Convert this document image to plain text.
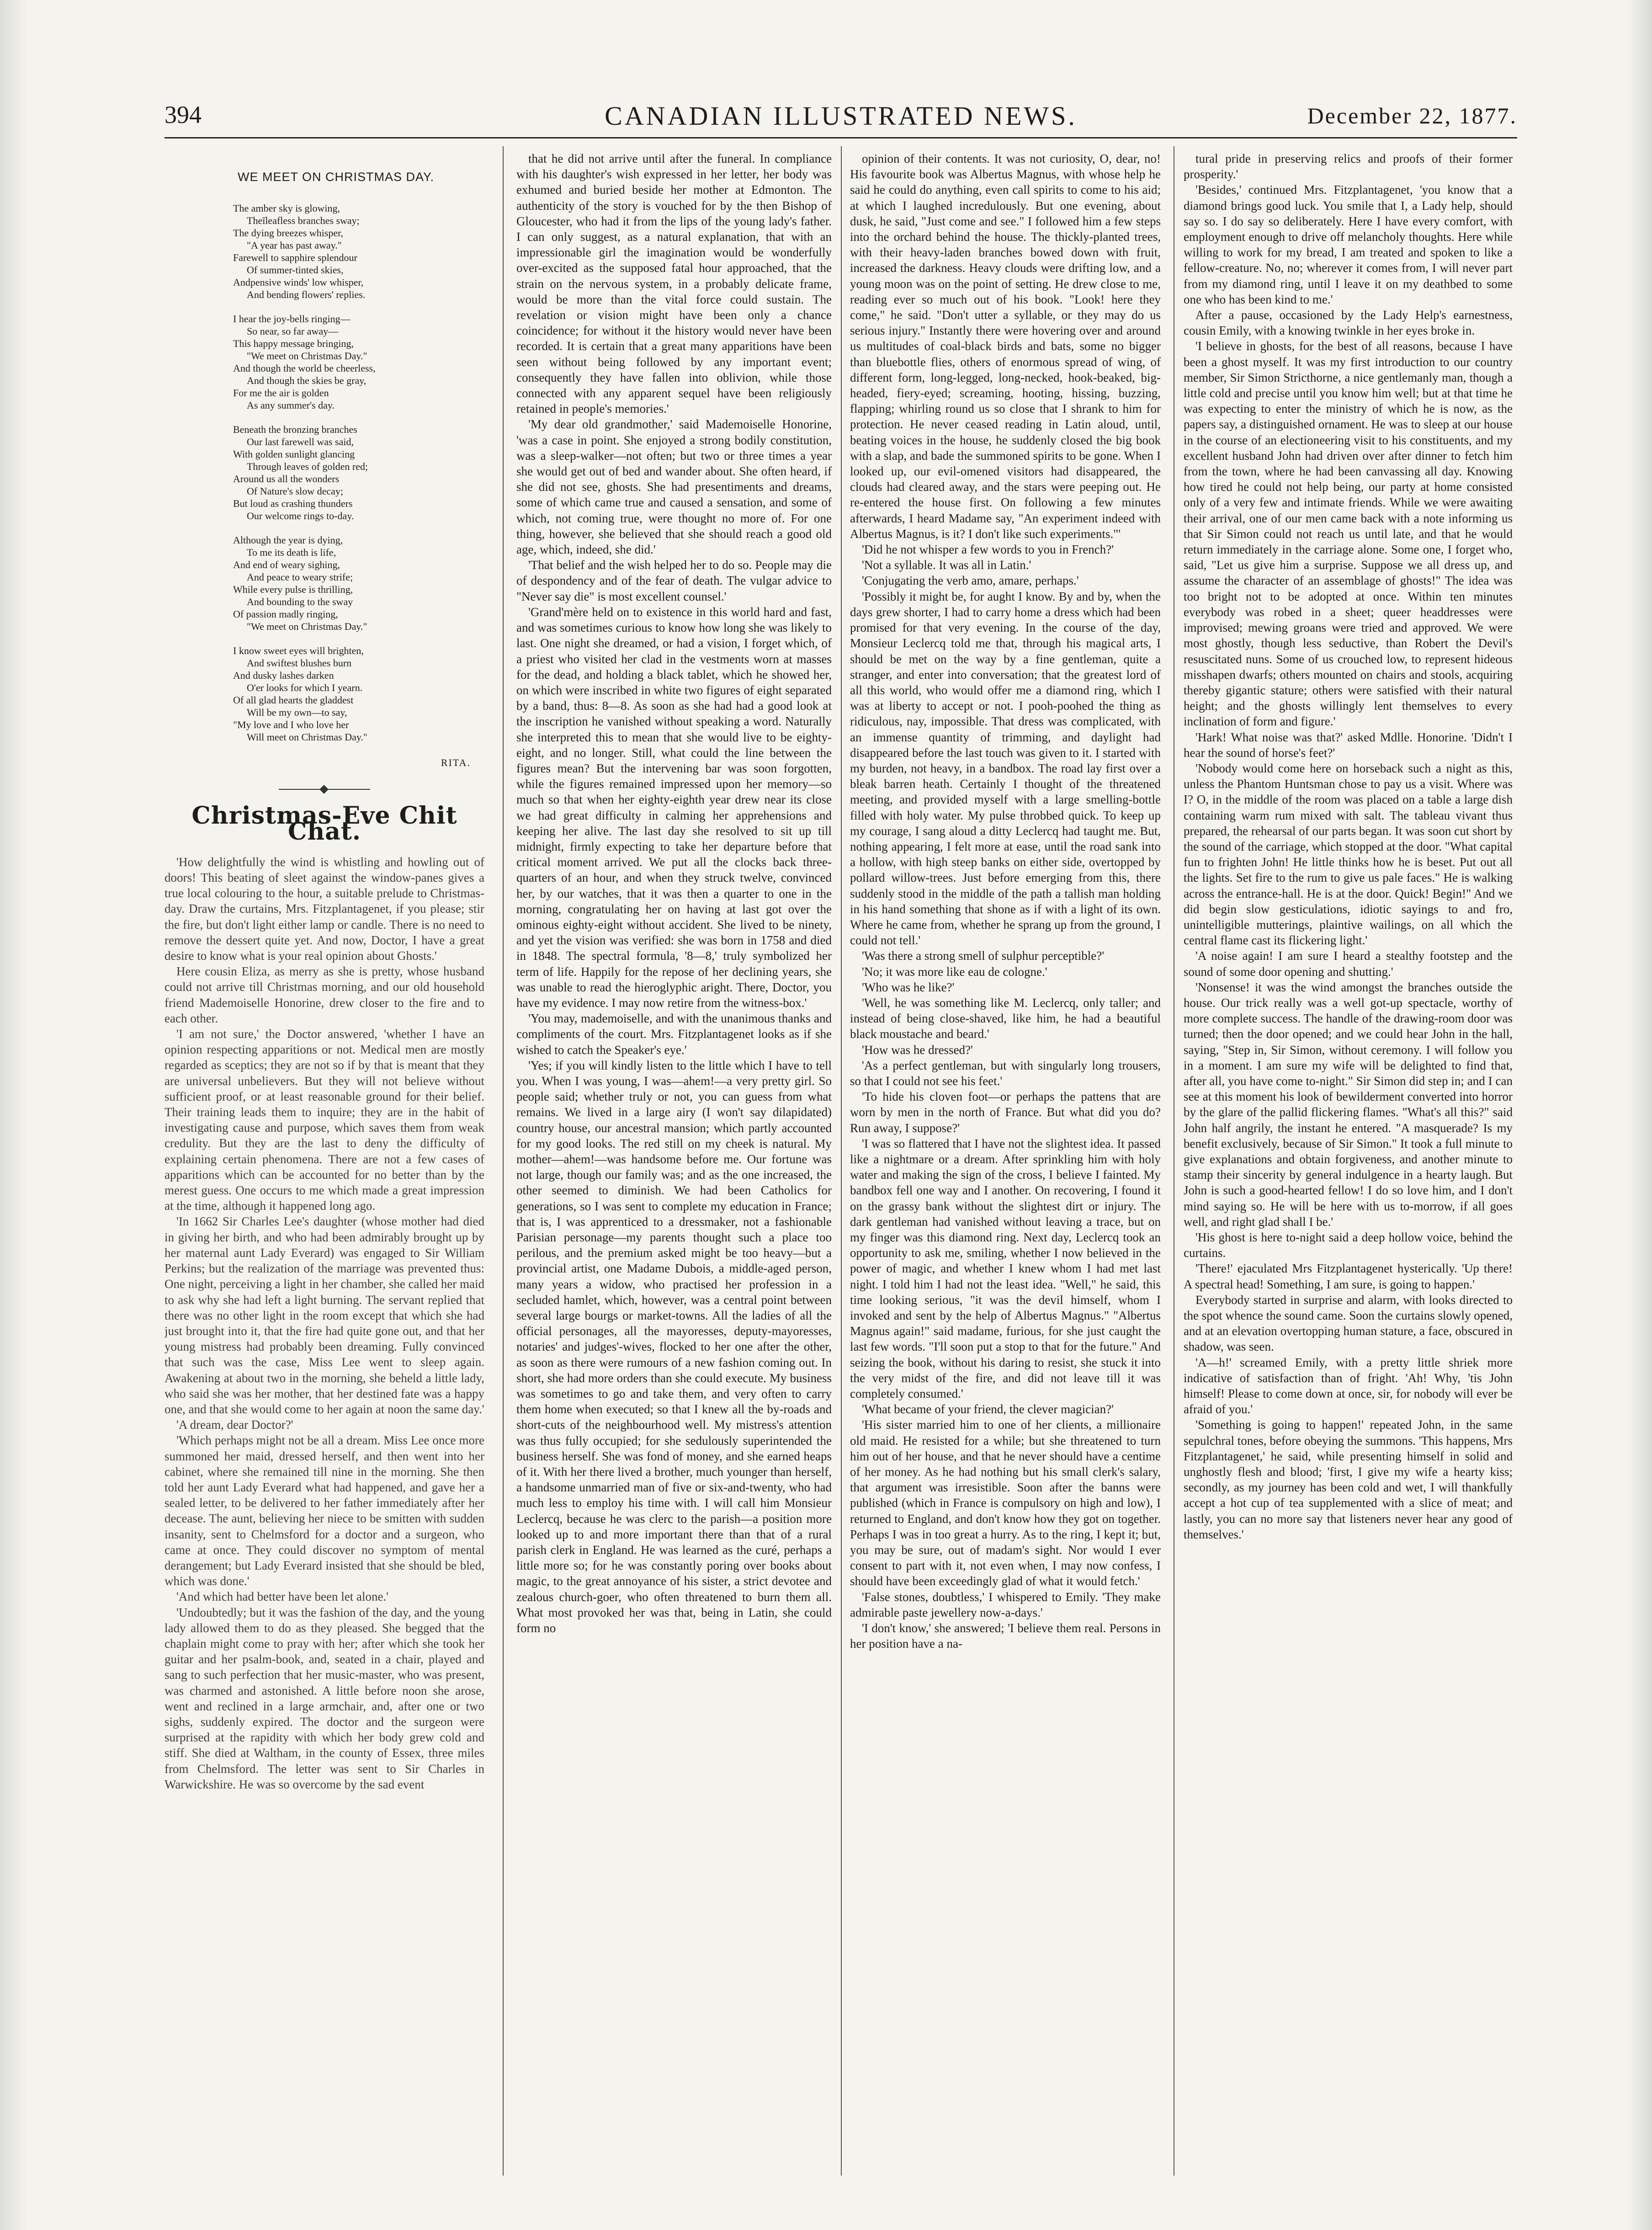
394	CANADIAN ILLUSTRATED NEWS.	December 22, 1877.
WE MEET ON CHRISTMAS DAY.
The amber sky is glowing,
Theĭleafless branches sway;
The dying breezes whisper,
"A year has past away."
Farewell to sapphire splendour
Of summer-tinted skies,
Andpensive winds' low whisper,
And bending flowers' replies.
I hear the joy-bells ringing—
So near, so far away—
This happy message bringing,
"We meet on Christmas Day."
And though the world be cheerless,
And though the skies be gray,
For me the air is golden
As any summer's day.
Beneath the bronzing branches
Our last farewell was said,
With golden sunlight glancing
Through leaves of golden red;
Around us all the wonders
Of Nature's slow decay;
But loud as crashing thunders
Our welcome rings to-day.
Although the year is dying,
To me its death is life,
And end of weary sighing,
And peace to weary strife;
While every pulse is thrilling,
And bounding to the sway
Of passion madly ringing,
"We meet on Christmas Day."
I know sweet eyes will brighten,
And swiftest blushes burn
And dusky lashes darken
O'er looks for which I yearn.
Of all glad hearts the gladdest
Will be my own—to say,
"My love and I who love her
Will meet on Christmas Day."
RITA.
Christmas-Eve Chit Chat.

'How delightfully the wind is whistling and howling out of doors! This beating of sleet against the window-panes gives a true local colouring to the hour, a suitable prelude to Christmas-day. Draw the curtains, Mrs. Fitzplantagenet, if you please; stir the fire, but don't light either lamp or candle. There is no need to remove the dessert quite yet. And now, Doctor, I have a great desire to know what is your real opinion about Ghosts.'

Here cousin Eliza, as merry as she is pretty, whose husband could not arrive till Christmas morning, and our old household friend Mademoiselle Honorine, drew closer to the fire and to each other.

'I am not sure,' the Doctor answered, 'whether I have an opinion respecting apparitions or not. Medical men are mostly regarded as sceptics; they are not so if by that is meant that they are universal unbelievers. But they will not believe without sufficient proof, or at least reasonable ground for their belief. Their training leads them to inquire; they are in the habit of investigating cause and purpose, which saves them from weak credulity. But they are the last to deny the difficulty of explaining certain phenomena. There are not a few cases of apparitions which can be accounted for no better than by the merest guess. One occurs to me which made a great impression at the time, although it happened long ago.

'In 1662 Sir Charles Lee's daughter (whose mother had died in giving her birth, and who had been admirably brought up by her maternal aunt Lady Everard) was engaged to Sir William Perkins; but the realization of the marriage was prevented thus: One night, perceiving a light in her chamber, she called her maid to ask why she had left a light burning. The servant replied that there was no other light in the room except that which she had just brought into it, that the fire had quite gone out, and that her young mistress had probably been dreaming. Fully convinced that such was the case, Miss Lee went to sleep again. Awakening at about two in the morning, she beheld a little lady, who said she was her mother, that her destined fate was a happy one, and that she would come to her again at noon the same day.'

'A dream, dear Doctor?'

'Which perhaps might not be all a dream. Miss Lee once more summoned her maid, dressed herself, and then went into her cabinet, where she remained till nine in the morning. She then told her aunt Lady Everard what had happened, and gave her a sealed letter, to be delivered to her father immediately after her decease. The aunt, believing her niece to be smitten with sudden insanity, sent to Chelmsford for a doctor and a surgeon, who came at once. They could discover no symptom of mental derangement; but Lady Everard insisted that she should be bled, which was done.'

'And which had better have been let alone.'

'Undoubtedly; but it was the fashion of the day, and the young lady allowed them to do as they pleased. She begged that the chaplain might come to pray with her; after which she took her guitar and her psalm-book, and, seated in a chair, played and sang to such perfection that her music-master, who was present, was charmed and astonished. A little before noon she arose, went and reclined in a large armchair, and, after one or two sighs, suddenly expired. The doctor and the surgeon were surprised at the rapidity with which her body grew cold and stiff. She died at Waltham, in the county of Essex, three miles from Chelmsford. The letter was sent to Sir Charles in Warwickshire. He was so overcome by the sad event

that he did not arrive until after the funeral. In compliance with his daughter's wish expressed in her letter, her body was exhumed and buried beside her mother at Edmonton. The authenticity of the story is vouched for by the then Bishop of Gloucester, who had it from the lips of the young lady's father. I can only suggest, as a natural explanation, that with an impressionable girl the imagination would be wonderfully over-excited as the supposed fatal hour approached, that the strain on the nervous system, in a probably delicate frame, would be more than the vital force could sustain. The revelation or vision might have been only a chance coincidence; for without it the history would never have been recorded. It is certain that a great many apparitions have been seen without being followed by any important event; consequently they have fallen into oblivion, while those connected with any apparent sequel have been religiously retained in people's memories.'

'My dear old grandmother,' said Mademoiselle Honorine, 'was a case in point. She enjoyed a strong bodily constitution, was a sleep-walker—not often; but two or three times a year she would get out of bed and wander about. She often heard, if she did not see, ghosts. She had presentiments and dreams, some of which came true and caused a sensation, and some of which, not coming true, were thought no more of. For one thing, however, she believed that she should reach a good old age, which, indeed, she did.'

'That belief and the wish helped her to do so. People may die of despondency and of the fear of death. The vulgar advice to "Never say die" is most excellent counsel.'

'Grand'mère held on to existence in this world hard and fast, and was sometimes curious to know how long she was likely to last. One night she dreamed, or had a vision, I forget which, of a priest who visited her clad in the vestments worn at masses for the dead, and holding a black tablet, which he showed her, on which were inscribed in white two figures of eight separated by a band, thus: 8—8. As soon as she had had a good look at the inscription he vanished without speaking a word. Naturally she interpreted this to mean that she would live to be eighty-eight, and no longer. Still, what could the line between the figures mean? But the intervening bar was soon forgotten, while the figures remained impressed upon her memory—so much so that when her eighty-eighth year drew near its close we had great difficulty in calming her apprehensions and keeping her alive. The last day she resolved to sit up till midnight, firmly expecting to take her departure before that critical moment arrived. We put all the clocks back three-quarters of an hour, and when they struck twelve, convinced her, by our watches, that it was then a quarter to one in the morning, congratulating her on having at last got over the ominous eighty-eight without accident. She lived to be ninety, and yet the vision was verified: she was born in 1758 and died in 1848. The spectral formula, '8—8,' truly symbolized her term of life. Happily for the repose of her declining years, she was unable to read the hieroglyphic aright. There, Doctor, you have my evidence. I may now retire from the witness-box.'

'You may, mademoiselle, and with the unanimous thanks and compliments of the court. Mrs. Fitzplantagenet looks as if she wished to catch the Speaker's eye.'

'Yes; if you will kindly listen to the little which I have to tell you. When I was young, I was—ahem!—a very pretty girl. So people said; whether truly or not, you can guess from what remains. We lived in a large airy (I won't say dilapidated) country house, our ancestral mansion; which partly accounted for my good looks. The red still on my cheek is natural. My mother—ahem!—was handsome before me. Our fortune was not large, though our family was; and as the one increased, the other seemed to diminish. We had been Catholics for generations, so I was sent to complete my education in France; that is, I was apprenticed to a dressmaker, not a fashionable Parisian personage—my parents thought such a place too perilous, and the premium asked might be too heavy—but a provincial artist, one Madame Dubois, a middle-aged person, many years a widow, who practised her profession in a secluded hamlet, which, however, was a central point between several large bourgs or market-towns. All the ladies of all the official personages, all the mayoresses, deputy-mayoresses, notaries' and judges'-wives, flocked to her one after the other, as soon as there were rumours of a new fashion coming out. In short, she had more orders than she could execute. My business was sometimes to go and take them, and very often to carry them home when executed; so that I knew all the by-roads and short-cuts of the neighbourhood well. My mistress's attention was thus fully occupied; for she sedulously superintended the business herself. She was fond of money, and she earned heaps of it. With her there lived a brother, much younger than herself, a handsome unmarried man of five or six-and-twenty, who had much less to employ his time with. I will call him Monsieur Leclercq, because he was clerc to the parish—a position more looked up to and more important there than that of a rural parish clerk in England. He was learned as the curé, perhaps a little more so; for he was constantly poring over books about magic, to the great annoyance of his sister, a strict devotee and zealous church-goer, who often threatened to burn them all. What most provoked her was that, being in Latin, she could form no

opinion of their contents. It was not curiosity, O, dear, no! His favourite book was Albertus Magnus, with whose help he said he could do anything, even call spirits to come to his aid; at which I laughed incredulously. But one evening, about dusk, he said, "Just come and see." I followed him a few steps into the orchard behind the house. The thickly-planted trees, with their heavy-laden branches bowed down with fruit, increased the darkness. Heavy clouds were drifting low, and a young moon was on the point of setting. He drew close to me, reading ever so much out of his book. "Look! here they come," he said. "Don't utter a syllable, or they may do us serious injury." Instantly there were hovering over and around us multitudes of coal-black birds and bats, some no bigger than bluebottle flies, others of enormous spread of wing, of different form, long-legged, long-necked, hook-beaked, big-headed, fiery-eyed; screaming, hooting, hissing, buzzing, flapping; whirling round us so close that I shrank to him for protection. He never ceased reading in Latin aloud, until, beating voices in the house, he suddenly closed the big book with a slap, and bade the summoned spirits to be gone. When I looked up, our evil-omened visitors had disappeared, the clouds had cleared away, and the stars were peeping out. He re-entered the house first. On following a few minutes afterwards, I heard Madame say, "An experiment indeed with Albertus Magnus, is it? I don't like such experiments."'

'Did he not whisper a few words to you in French?'

'Not a syllable. It was all in Latin.'

'Conjugating the verb amo, amare, perhaps.'

'Possibly it might be, for aught I know. By and by, when the days grew shorter, I had to carry home a dress which had been promised for that very evening. In the course of the day, Monsieur Leclercq told me that, through his magical arts, I should be met on the way by a fine gentleman, quite a stranger, and enter into conversation; that the greatest lord of all this world, who would offer me a diamond ring, which I was at liberty to accept or not. I pooh-poohed the thing as ridiculous, nay, impossible. That dress was complicated, with an immense quantity of trimming, and daylight had disappeared before the last touch was given to it. I started with my burden, not heavy, in a bandbox. The road lay first over a bleak barren heath. Certainly I thought of the threatened meeting, and provided myself with a large smelling-bottle filled with holy water. My pulse throbbed quick. To keep up my courage, I sang aloud a ditty Leclercq had taught me. But, nothing appearing, I felt more at ease, until the road sank into a hollow, with high steep banks on either side, overtopped by pollard willow-trees. Just before emerging from this, there suddenly stood in the middle of the path a tallish man holding in his hand something that shone as if with a light of its own. Where he came from, whether he sprang up from the ground, I could not tell.'

'Was there a strong smell of sulphur perceptible?'

'No; it was more like eau de cologne.'

'Who was he like?'

'Well, he was something like M. Leclercq, only taller; and instead of being close-shaved, like him, he had a beautiful black moustache and beard.'

'How was he dressed?'

'As a perfect gentleman, but with singularly long trousers, so that I could not see his feet.'

'To hide his cloven foot—or perhaps the pattens that are worn by men in the north of France. But what did you do? Run away, I suppose?'

'I was so flattered that I have not the slightest idea. It passed like a nightmare or a dream. After sprinkling him with holy water and making the sign of the cross, I believe I fainted. My bandbox fell one way and I another. On recovering, I found it on the grassy bank without the slightest dirt or injury. The dark gentleman had vanished without leaving a trace, but on my finger was this diamond ring. Next day, Leclercq took an opportunity to ask me, smiling, whether I now believed in the power of magic, and whether I knew whom I had met last night. I told him I had not the least idea. "Well," he said, this time looking serious, "it was the devil himself, whom I invoked and sent by the help of Albertus Magnus." "Albertus Magnus again!" said madame, furious, for she just caught the last few words. "I'll soon put a stop to that for the future." And seizing the book, without his daring to resist, she stuck it into the very midst of the fire, and did not leave till it was completely consumed.'

'What became of your friend, the clever magician?'

'His sister married him to one of her clients, a millionaire old maid. He resisted for a while; but she threatened to turn him out of her house, and that he never should have a centime of her money. As he had nothing but his small clerk's salary, that argument was irresistible. Soon after the banns were published (which in France is compulsory on high and low), I returned to England, and don't know how they got on together. Perhaps I was in too great a hurry. As to the ring, I kept it; but, you may be sure, out of madam's sight. Nor would I ever consent to part with it, not even when, I may now confess, I should have been exceedingly glad of what it would fetch.'

'False stones, doubtless,' I whispered to Emily. 'They make admirable paste jewellery now-a-days.'

'I don't know,' she answered; 'I believe them real. Persons in her position have a na-

tural pride in preserving relics and proofs of their former prosperity.'

'Besides,' continued Mrs. Fitzplantagenet, 'you know that a diamond brings good luck. You smile that I, a Lady help, should say so. I do say so deliberately. Here I have every comfort, with employment enough to drive off melancholy thoughts. Here while willing to work for my bread, I am treated and spoken to like a fellow-creature. No, no; wherever it comes from, I will never part from my diamond ring, until I leave it on my deathbed to some one who has been kind to me.'

After a pause, occasioned by the Lady Help's earnestness, cousin Emily, with a knowing twinkle in her eyes broke in.

'I believe in ghosts, for the best of all reasons, because I have been a ghost myself. It was my first introduction to our country member, Sir Simon Stricthorne, a nice gentlemanly man, though a little cold and precise until you know him well; but at that time he was expecting to enter the ministry of which he is now, as the papers say, a distinguished ornament. He was to sleep at our house in the course of an electioneering visit to his constituents, and my excellent husband John had driven over after dinner to fetch him from the town, where he had been canvassing all day. Knowing how tired he could not help being, our party at home consisted only of a very few and intimate friends. While we were awaiting their arrival, one of our men came back with a note informing us that Sir Simon could not reach us until late, and that he would return immediately in the carriage alone. Some one, I forget who, said, "Let us give him a surprise. Suppose we all dress up, and assume the character of an assemblage of ghosts!" The idea was too bright not to be adopted at once. Within ten minutes everybody was robed in a sheet; queer headdresses were improvised; mewing groans were tried and approved. We were most ghostly, though less seductive, than Robert the Devil's resuscitated nuns. Some of us crouched low, to represent hideous misshapen dwarfs; others mounted on chairs and stools, acquiring thereby gigantic stature; others were satisfied with their natural height; and the ghosts willingly lent themselves to every inclination of form and figure.'

'Hark! What noise was that?' asked Mdlle. Honorine. 'Didn't I hear the sound of horse's feet?'

'Nobody would come here on horseback such a night as this, unless the Phantom Huntsman chose to pay us a visit. Where was I? O, in the middle of the room was placed on a table a large dish containing warm rum mixed with salt. The tableau vivant thus prepared, the rehearsal of our parts began. It was soon cut short by the sound of the carriage, which stopped at the door. "What capital fun to frighten John! He little thinks how he is beset. Put out all the lights. Set fire to the rum to give us pale faces." He is walking across the entrance-hall. He is at the door. Quick! Begin!" And we did begin slow gesticulations, idiotic sayings to and fro, unintelligible mutterings, plaintive wailings, on all which the central flame cast its flickering light.'

'A noise again! I am sure I heard a stealthy footstep and the sound of some door opening and shutting.'

'Nonsense! it was the wind amongst the branches outside the house. Our trick really was a well got-up spectacle, worthy of more complete success. The handle of the drawing-room door was turned; then the door opened; and we could hear John in the hall, saying, "Step in, Sir Simon, without ceremony. I will follow you in a moment. I am sure my wife will be delighted to find that, after all, you have come to-night." Sir Simon did step in; and I can see at this moment his look of bewilderment converted into horror by the glare of the pallid flickering flames. "What's all this?" said John half angrily, the instant he entered. "A masquerade? Is my benefit exclusively, because of Sir Simon." It took a full minute to give explanations and obtain forgiveness, and another minute to stamp their sincerity by general indulgence in a hearty laugh. But John is such a good-hearted fellow! I do so love him, and I don't mind saying so. He will be here with us to-morrow, if all goes well, and right glad shall I be.'

'His ghost is here to-night said a deep hollow voice, behind the curtains.

'There!' ejaculated Mrs Fitzplantagenet hysterically. 'Up there! A spectral head! Something, I am sure, is going to happen.'

Everybody started in surprise and alarm, with looks directed to the spot whence the sound came. Soon the curtains slowly opened, and at an elevation overtopping human stature, a face, obscured in shadow, was seen.

'A—h!' screamed Emily, with a pretty little shriek more indicative of satisfaction than of fright. 'Ah! Why, 'tis John himself! Please to come down at once, sir, for nobody will ever be afraid of you.'

'Something is going to happen!' repeated John, in the same sepulchral tones, before obeying the summons. 'This happens, Mrs Fitzplantagenet,' he said, while presenting himself in solid and unghostly flesh and blood; 'first, I give my wife a hearty kiss; secondly, as my journey has been cold and wet, I will thankfully accept a hot cup of tea supplemented with a slice of meat; and lastly, you can no more say that listeners never hear any good of themselves.'
